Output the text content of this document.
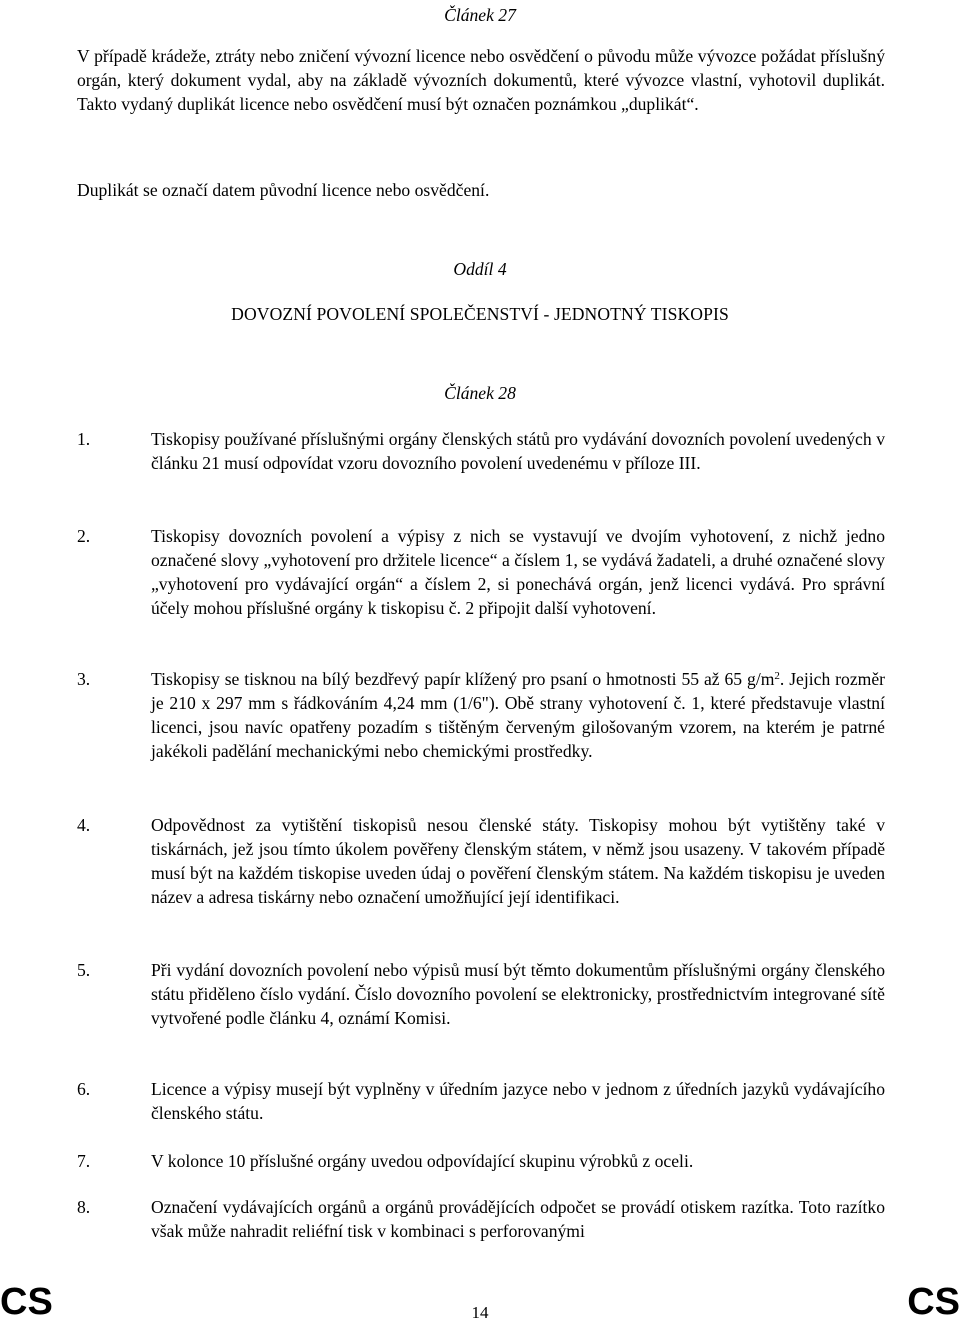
Článek 27

V případě krádeže, ztráty nebo zničení vývozní licence nebo osvědčení o původu může vývozce požádat příslušný orgán, který dokument vydal, aby na základě vývozních dokumentů, které vývozce vlastní, vyhotovil duplikát. Takto vydaný duplikát licence nebo osvědčení musí být označen poznámkou „duplikát“.

Duplikát se označí datem původní licence nebo osvědčení.

Oddíl 4
DOVOZNÍ POVOLENÍ SPOLEČENSTVÍ - JEDNOTNÝ TISKOPIS
Článek 28
1.	Tiskopisy používané příslušnými orgány členských států pro vydávání dovozních povolení uvedených v článku 21 musí odpovídat vzoru dovozního povolení uvedenému v příloze III.
2.	Tiskopisy dovozních povolení a výpisy z nich se vystavují ve dvojím vyhotovení, z nichž jedno označené slovy „vyhotovení pro držitele licence“ a číslem 1, se vydává žadateli, a druhé označené slovy „vyhotovení pro vydávající orgán“ a číslem 2, si ponechává orgán, jenž licenci vydává. Pro správní účely mohou příslušné orgány k tiskopisu č. 2 připojit další vyhotovení.
3.	Tiskopisy se tisknou na bílý bezdřevý papír klížený pro psaní o hmotnosti 55 až 65 $g/m^2$. Jejich rozměr je 210 x 297 mm s řádkováním 4,24 mm (1/6"). Obě strany vyhotovení č. 1, které představuje vlastní licenci, jsou navíc opatřeny pozadím s tištěným červeným gilošovaným vzorem, na kterém je patrné jakékoli padělání mechanickými nebo chemickými prostředky.
4.	Odpovědnost za vytištění tiskopisů nesou členské státy. Tiskopisy mohou být vytištěny také v tiskárnách, jež jsou tímto úkolem pověřeny členským státem, v němž jsou usazeny. V takovém případě musí být na každém tiskopise uveden údaj o pověření členským státem. Na každém tiskopisu je uveden název a adresa tiskárny nebo označení umožňující její identifikaci.
5.	Při vydání dovozních povolení nebo výpisů musí být těmto dokumentům příslušnými orgány členského státu přiděleno číslo vydání. Číslo dovozního povolení se elektronicky, prostřednictvím integrované sítě vytvořené podle článku 4, oznámí Komisi.
6.	Licence a výpisy musejí být vyplněny v úředním jazyce nebo v jednom z úředních jazyků vydávajícího členského státu.
7.	V kolonce 10 příslušné orgány uvedou odpovídající skupinu výrobků z oceli.
8.	Označení vydávajících orgánů a orgánů provádějících odpočet se provádí otiskem razítka. Toto razítko však může nahradit reliéfní tisk v kombinaci s perforovanými
CS	14	CS
